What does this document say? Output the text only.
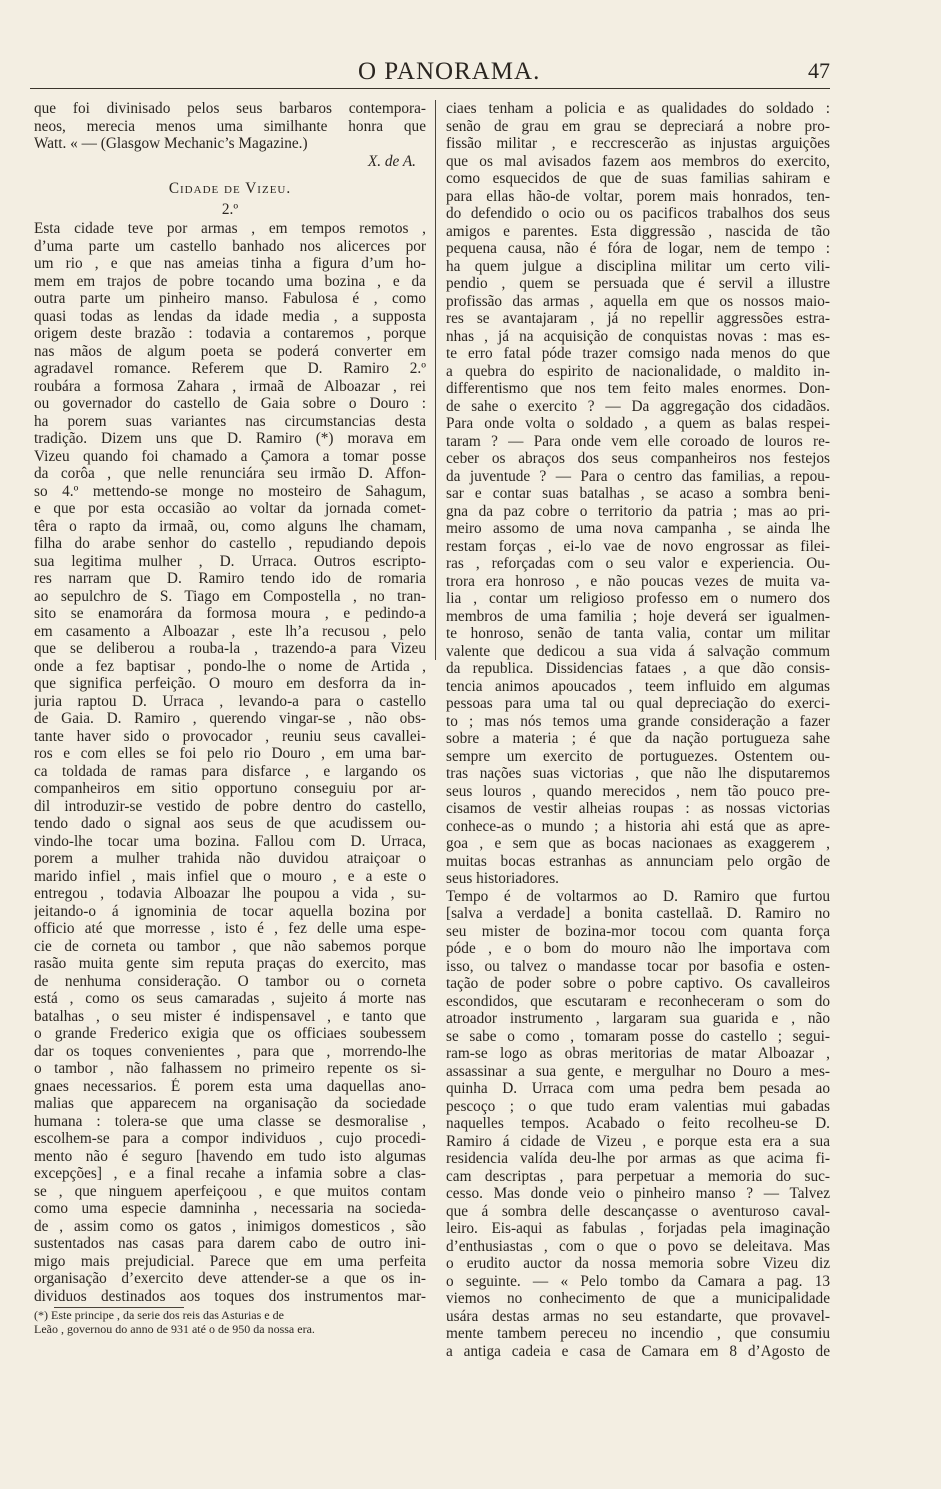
O PANORAMA.	47
que foi divinisado pelos seus barbaros contempora-
neos, merecia menos uma similhante honra que
Watt. « — (Glasgow Mechanic’s Magazine.)
X. de A.
Cidade de Vizeu.
2.º
Esta cidade teve por armas , em tempos remotos ,
d’uma parte um castello banhado nos alicerces por
um rio , e que nas ameias tinha a figura d’um ho-
mem em trajos de pobre tocando uma bozina , e da
outra parte um pinheiro manso. Fabulosa é , como
quasi todas as lendas da idade media , a supposta
origem deste brazão : todavia a contaremos , porque
nas mãos de algum poeta se poderá converter em
agradavel romance. Referem que D. Ramiro 2.º
roubára a formosa Zahara , irmaã de Alboazar , rei
ou governador do castello de Gaia sobre o Douro :
ha porem suas variantes nas circumstancias desta
tradição. Dizem uns que D. Ramiro (*) morava em
Vizeu quando foi chamado a Çamora a tomar posse
da corôa , que nelle renunciára seu irmão D. Affon-
so 4.º mettendo-se monge no mosteiro de Sahagum,
e que por esta occasião ao voltar da jornada comet-
têra o rapto da irmaã, ou, como alguns lhe chamam,
filha do arabe senhor do castello , repudiando depois
sua legitima mulher , D. Urraca. Outros escripto-
res narram que D. Ramiro tendo ido de romaria
ao sepulchro de S. Tiago em Compostella , no tran-
sito se enamorára da formosa moura , e pedindo-a
em casamento a Alboazar , este lh’a recusou , pelo
que se deliberou a rouba-la , trazendo-a para Vizeu
onde a fez baptisar , pondo-lhe o nome de Artida ,
que significa perfeição. O mouro em desforra da in-
juria raptou D. Urraca , levando-a para o castello
de Gaia. D. Ramiro , querendo vingar-se , não obs-
tante haver sido o provocador , reuniu seus cavallei-
ros e com elles se foi pelo rio Douro , em uma bar-
ca toldada de ramas para disfarce , e largando os
companheiros em sitio opportuno conseguiu por ar-
dil introduzir-se vestido de pobre dentro do castello,
tendo dado o signal aos seus de que acudissem ou-
vindo-lhe tocar uma bozina. Fallou com D. Urraca,
porem a mulher trahida não duvidou atraiçoar o
marido infiel , mais infiel que o mouro , e a este o
entregou , todavia Alboazar lhe poupou a vida , su-
jeitando-o á ignominia de tocar aquella bozina por
officio até que morresse , isto é , fez delle uma espe-
cie de corneta ou tambor , que não sabemos porque
rasão muita gente sim reputa praças do exercito, mas
de nenhuma consideração. O tambor ou o corneta
está , como os seus camaradas , sujeito á morte nas
batalhas , o seu mister é indispensavel , e tanto que
o grande Frederico exigia que os officiaes soubessem
dar os toques convenientes , para que , morrendo-lhe
o tambor , não falhassem no primeiro repente os si-
gnaes necessarios. É porem esta uma daquellas ano-
malias que apparecem na organisação da sociedade
humana : tolera-se que uma classe se desmoralise ,
escolhem-se para a compor individuos , cujo procedi-
mento não é seguro [havendo em tudo isto algumas
excepções] , e a final recahe a infamia sobre a clas-
se , que ninguem aperfeiçoou , e que muitos contam
como uma especie damninha , necessaria na socieda-
de , assim como os gatos , inimigos domesticos , são
sustentados nas casas para darem cabo de outro ini-
migo mais prejudicial. Parece que em uma perfeita
organisação d’exercito deve attender-se a que os in-
dividuos destinados aos toques dos instrumentos mar-
(*) Este principe , da serie dos reis das Asturias e de
Leão , governou do anno de 931 até o de 950 da nossa era.
ciaes tenham a policia e as qualidades do soldado :
senão de grau em grau se depreciará a nobre pro-
fissão militar , e reccrescerão as injustas arguições
que os mal avisados fazem aos membros do exercito,
como esquecidos de que de suas familias sahiram e
para ellas hão-de voltar, porem mais honrados, ten-
do defendido o ocio ou os pacificos trabalhos dos seus
amigos e parentes. Esta diggressão , nascida de tão
pequena causa, não é fóra de logar, nem de tempo :
ha quem julgue a disciplina militar um certo vili-
pendio , quem se persuada que é servil a illustre
profissão das armas , aquella em que os nossos maio-
res se avantajaram , já no repellir aggressões estra-
nhas , já na acquisição de conquistas novas : mas es-
te erro fatal póde trazer comsigo nada menos do que
a quebra do espirito de nacionalidade, o maldito in-
differentismo que nos tem feito males enormes. Don-
de sahe o exercito ? — Da aggregação dos cidadãos.
Para onde volta o soldado , a quem as balas respei-
taram ? — Para onde vem elle coroado de louros re-
ceber os abraços dos seus companheiros nos festejos
da juventude ? — Para o centro das familias, a repou-
sar e contar suas batalhas , se acaso a sombra beni-
gna da paz cobre o territorio da patria ; mas ao pri-
meiro assomo de uma nova campanha , se ainda lhe
restam forças , ei-lo vae de novo engrossar as filei-
ras , reforçadas com o seu valor e experiencia. Ou-
trora era honroso , e não poucas vezes de muita va-
lia , contar um religioso professo em o numero dos
membros de uma familia ; hoje deverá ser igualmen-
te honroso, senão de tanta valia, contar um militar
valente que dedicou a sua vida á salvação commum
da republica. Dissidencias fataes , a que dão consis-
tencia animos apoucados , teem influido em algumas
pessoas para uma tal ou qual depreciação do exerci-
to ; mas nós temos uma grande consideração a fazer
sobre a materia ; é que da nação portugueza sahe
sempre um exercito de portuguezes. Ostentem ou-
tras nações suas victorias , que não lhe disputaremos
seus louros , quando merecidos , nem tão pouco pre-
cisamos de vestir alheias roupas : as nossas victorias
conhece-as o mundo ; a historia ahi está que as apre-
goa , e sem que as bocas nacionaes as exaggerem ,
muitas bocas estranhas as annunciam pelo orgão de
seus historiadores.
Tempo é de voltarmos ao D. Ramiro que furtou
[salva a verdade] a bonita castellaã. D. Ramiro no
seu mister de bozina-mor tocou com quanta força
póde , e o bom do mouro não lhe importava com
isso, ou talvez o mandasse tocar por basofia e osten-
tação de poder sobre o pobre captivo. Os cavalleiros
escondidos, que escutaram e reconheceram o som do
atroador instrumento , largaram sua guarida e , não
se sabe o como , tomaram posse do castello ; segui-
ram-se logo as obras meritorias de matar Alboazar ,
assassinar a sua gente, e mergulhar no Douro a mes-
quinha D. Urraca com uma pedra bem pesada ao
pescoço ; o que tudo eram valentias mui gabadas
naquelles tempos. Acabado o feito recolheu-se D.
Ramiro á cidade de Vizeu , e porque esta era a sua
residencia valída deu-lhe por armas as que acima fi-
cam descriptas , para perpetuar a memoria do suc-
cesso. Mas donde veio o pinheiro manso ? — Talvez
que á sombra delle descançasse o aventuroso caval-
leiro. Eis-aqui as fabulas , forjadas pela imaginação
d’enthusiastas , com o que o povo se deleitava. Mas
o erudito auctor da nossa memoria sobre Vizeu diz
o seguinte. — « Pelo tombo da Camara a pag. 13
viemos no conhecimento de que a municipalidade
usára destas armas no seu estandarte, que provavel-
mente tambem pereceu no incendio , que consumiu
a antiga cadeia e casa de Camara em 8 d’Agosto de
